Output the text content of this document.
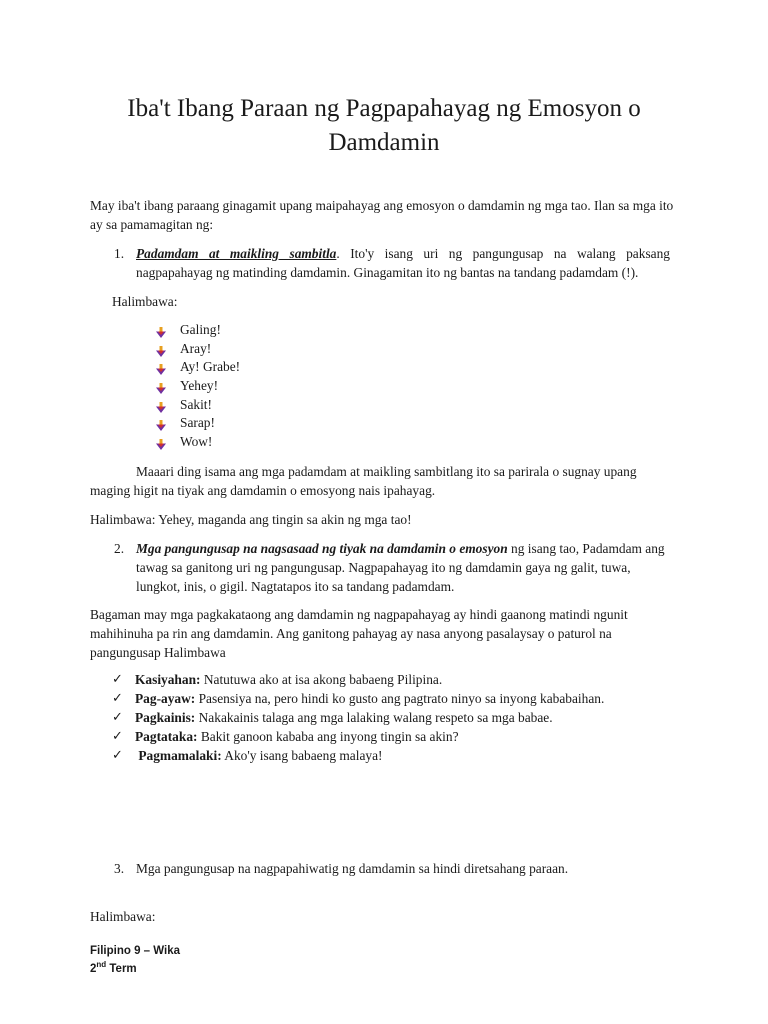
Iba't Ibang Paraan ng Pagpapahayag ng Emosyon o Damdamin

May iba't ibang paraang ginagamit upang maipahayag ang emosyon o damdamin ng mga tao. Ilan sa mga ito ay sa pamamagitan ng:

1. Padamdam at maikling sambitla. Ito'y isang uri ng pangungusap na walang paksang nagpapahayag ng matinding damdamin. Ginagamitan ito ng bantas na tandang padamdam (!).

Halimbawa:

Galing!
Aray!
Ay! Grabe!
Yehey!
Sakit!
Sarap!
Wow!

Maaari ding isama ang mga padamdam at maikling sambitlang ito sa parirala o sugnay upang maging higit na tiyak ang damdamin o emosyong nais ipahayag.

Halimbawa: Yehey, maganda ang tingin sa akin ng mga tao!

2. Mga pangungusap na nagsasaad ng tiyak na damdamin o emosyon ng isang tao, Padamdam ang tawag sa ganitong uri ng pangungusap. Nagpapahayag ito ng damdamin gaya ng galit, tuwa, lungkot, inis, o gigil. Nagtatapos ito sa tandang padamdam.

Bagaman may mga pagkakataong ang damdamin ng nagpapahayag ay hindi gaanong matindi ngunit mahihinuha pa rin ang damdamin. Ang ganitong pahayag ay nasa anyong pasalaysay o paturol na pangungusap Halimbawa

✓ Kasiyahan: Natutuwa ako at isa akong babaeng Pilipina.
✓ Pag-ayaw: Pasensiya na, pero hindi ko gusto ang pagtrato ninyo sa inyong kababaihan.
✓ Pagkainis: Nakakainis talaga ang mga lalaking walang respeto sa mga babae.
✓ Pagtataka: Bakit ganoon kababa ang inyong tingin sa akin?
✓ Pagmamalaki: Ako'y isang babaeng malaya!
3. Mga pangungusap na nagpapahiwatig ng damdamin sa hindi diretsahang paraan.

Halimbawa:

Filipino 9 – Wika
2nd Term
